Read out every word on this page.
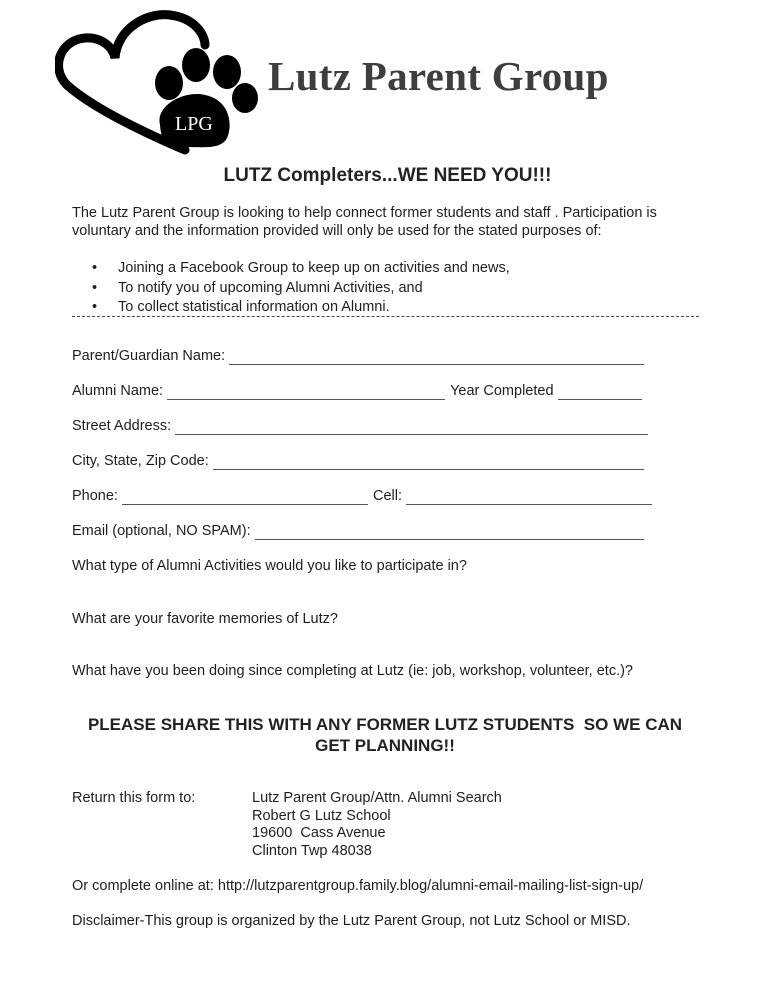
LPG
Lutz Parent Group
LUTZ Completers...WE NEED YOU!!!
The Lutz Parent Group is looking to help connect former students and staff . Participation is voluntary and the information provided will only be used for the stated purposes of:
• Joining a Facebook Group to keep up on activities and news,
• To notify you of upcoming Alumni Activities, and
• To collect statistical information on Alumni.
Parent/Guardian Name:
Alumni Name:	Year Completed
Street Address:
City, State, Zip Code:
Phone:	Cell:
Email (optional, NO SPAM):
What type of Alumni Activities would you like to participate in?
What are your favorite memories of Lutz?
What have you been doing since completing at Lutz (ie: job, workshop, volunteer, etc.)?
PLEASE SHARE THIS WITH ANY FORMER LUTZ STUDENTS  SO WE CAN
GET PLANNING!!
Return this form to:	Lutz Parent Group/Attn. Alumni Search
Robert G Lutz School
19600  Cass Avenue
Clinton Twp 48038
Or complete online at: http://lutzparentgroup.family.blog/alumni-email-mailing-list-sign-up/
Disclaimer-This group is organized by the Lutz Parent Group, not Lutz School or MISD.
